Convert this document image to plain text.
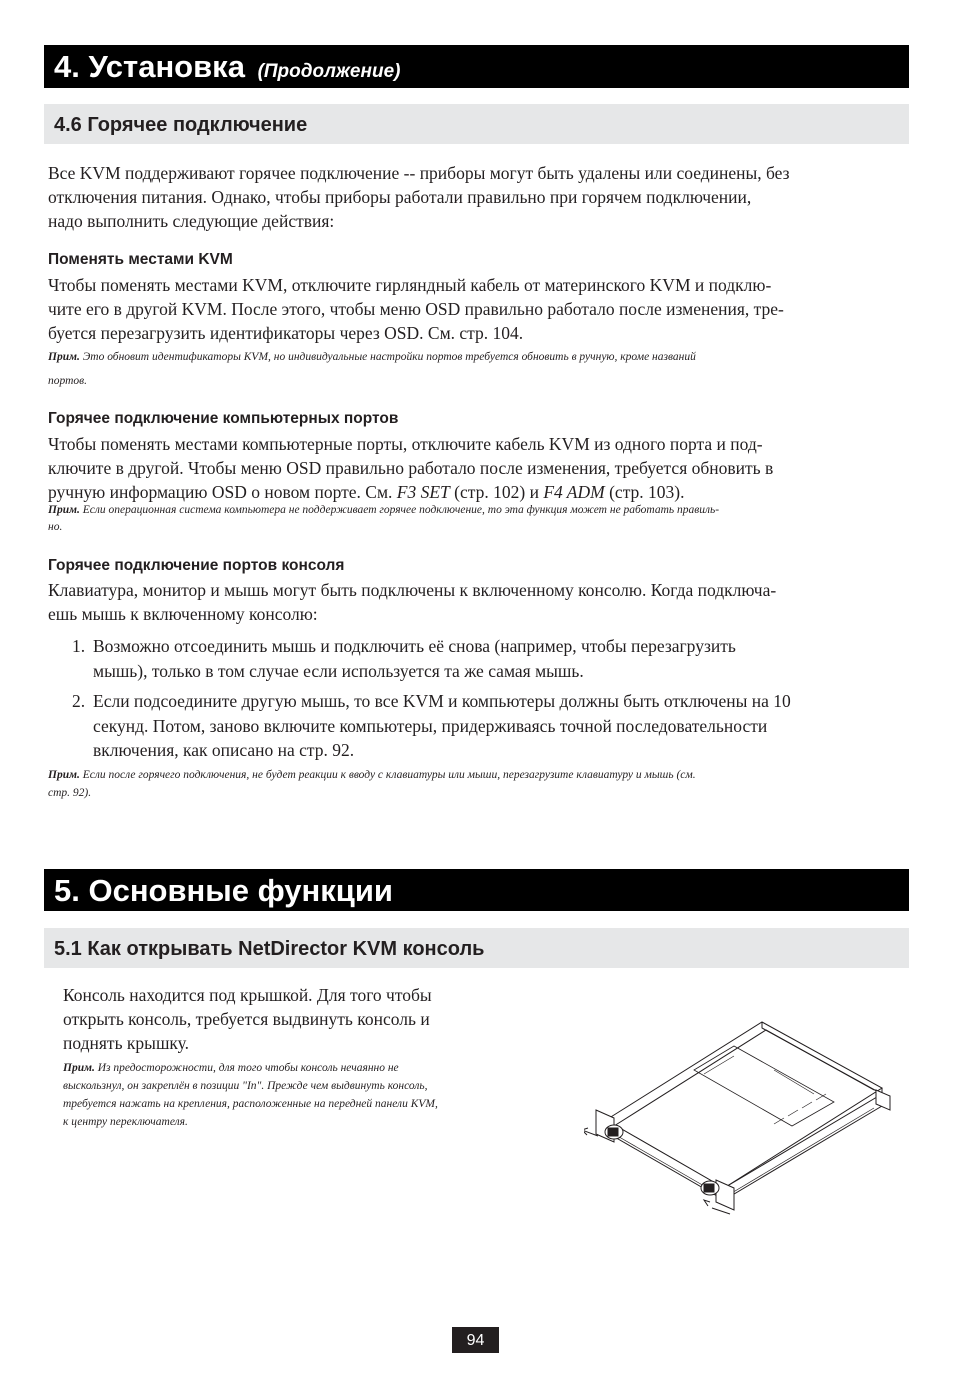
4. Установка (Продолжение)
4.6 Горячее подключение

Все KVM поддерживают горячее подключение -- приборы могут быть удалены или соединены, без

отключения питания. Однако, чтобы приборы работали правильно при горячем подключении,

надо выполнить следующие действия:

Поменять местами KVM

Чтобы поменять местами KVM, отключите гирляндный кабель от материнского KVM и подклю-

чите его в другой KVM. После этого, чтобы меню OSD правильно работало после изменения, тре-

буется перезагрузить идентификаторы через OSD. См. стр. 104.

Прим. Это обновит идентификаторы KVM, но индивидуальные настройки портов требуется обновить в ручную, кроме названий

портов.

Горячее подключение компьютерных портов

Чтобы поменять местами компьютерные порты, отключите кабель KVM из одного порта и под-

ключите в другой. Чтобы меню OSD правильно работало после изменения, требуется обновить в

ручную информацию OSD о новом порте. См. F3 SET (стр. 102) и F4 ADM (стр. 103).

Прим. Если операционная система компьютера не поддерживает горячее подключение, то эта функция может не работать правиль-

но.

Горячее подключение портов консоля

Клавиатура, монитор и мышь могут быть подключены к включенному консолю. Когда подключа-

ешь мышь к включенному консолю:

1. Возможно отсоединить мышь и подключить её снова (например, чтобы перезагрузить
мышь), только в том случае если используется та же самая мышь.
2. Если подсоедините другую мышь, то все KVM и компьютеры должны быть отключены на 10
секунд. Потом, заново включите компьютеры, придерживаясь точной последовательности
включения, как описано на стр. 92.

Прим. Если после горячего подключения, не будет реакции к вводу с клавиатуры или мыши, перезагрузите клавиатуру и мышь (см.

стр. 92).

5. Основные функции
5.1 Как открывать NetDirector KVM консоль

Консоль находится под крышкой. Для того чтобы

открыть консоль, требуется выдвинуть консоль и

поднять крышку.

Прим. Из предосторожности, для того чтобы консоль нечаянно не

выскользнул, он закреплён в позиции "In". Прежде чем выдвинуть консоль,

требуется нажать на крепления, расположенные на передней панели KVM,

к центру переключателя.

94
